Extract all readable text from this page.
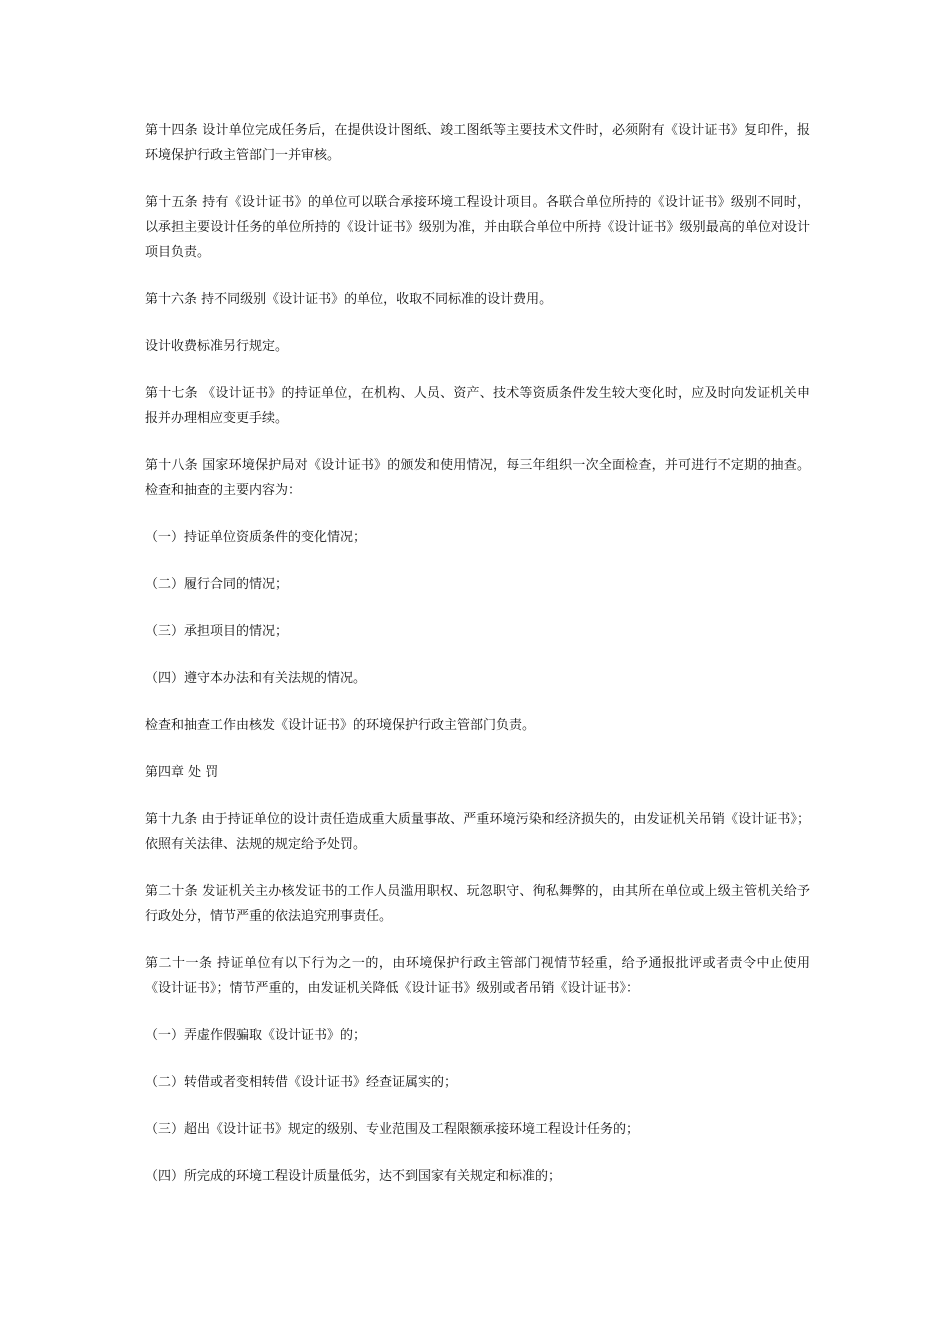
第十四条 设计单位完成任务后，在提供设计图纸、竣工图纸等主要技术文件时，必须附有《设计证书》复印件，报环境保护行政主管部门一并审核。

第十五条 持有《设计证书》的单位可以联合承接环境工程设计项目。各联合单位所持的《设计证书》级别不同时，以承担主要设计任务的单位所持的《设计证书》级别为准，并由联合单位中所持《设计证书》级别最高的单位对设计项目负责。

第十六条 持不同级别《设计证书》的单位，收取不同标准的设计费用。

设计收费标准另行规定。

第十七条 《设计证书》的持证单位，在机构、人员、资产、技术等资质条件发生较大变化时，应及时向发证机关申报并办理相应变更手续。

第十八条 国家环境保护局对《设计证书》的颁发和使用情况，每三年组织一次全面检查，并可进行不定期的抽查。检查和抽查的主要内容为：

（一）持证单位资质条件的变化情况；

（二）履行合同的情况；

（三）承担项目的情况；

（四）遵守本办法和有关法规的情况。

检查和抽查工作由核发《设计证书》的环境保护行政主管部门负责。

第四章 处 罚

第十九条 由于持证单位的设计责任造成重大质量事故、严重环境污染和经济损失的，由发证机关吊销《设计证书》；依照有关法律、法规的规定给予处罚。

第二十条 发证机关主办核发证书的工作人员滥用职权、玩忽职守、徇私舞弊的，由其所在单位或上级主管机关给予行政处分，情节严重的依法追究刑事责任。

第二十一条 持证单位有以下行为之一的，由环境保护行政主管部门视情节轻重，给予通报批评或者责令中止使用《设计证书》；情节严重的，由发证机关降低《设计证书》级别或者吊销《设计证书》：

（一）弄虚作假骗取《设计证书》的；

（二）转借或者变相转借《设计证书》经查证属实的；

（三）超出《设计证书》规定的级别、专业范围及工程限额承接环境工程设计任务的；

（四）所完成的环境工程设计质量低劣，达不到国家有关规定和标准的；
